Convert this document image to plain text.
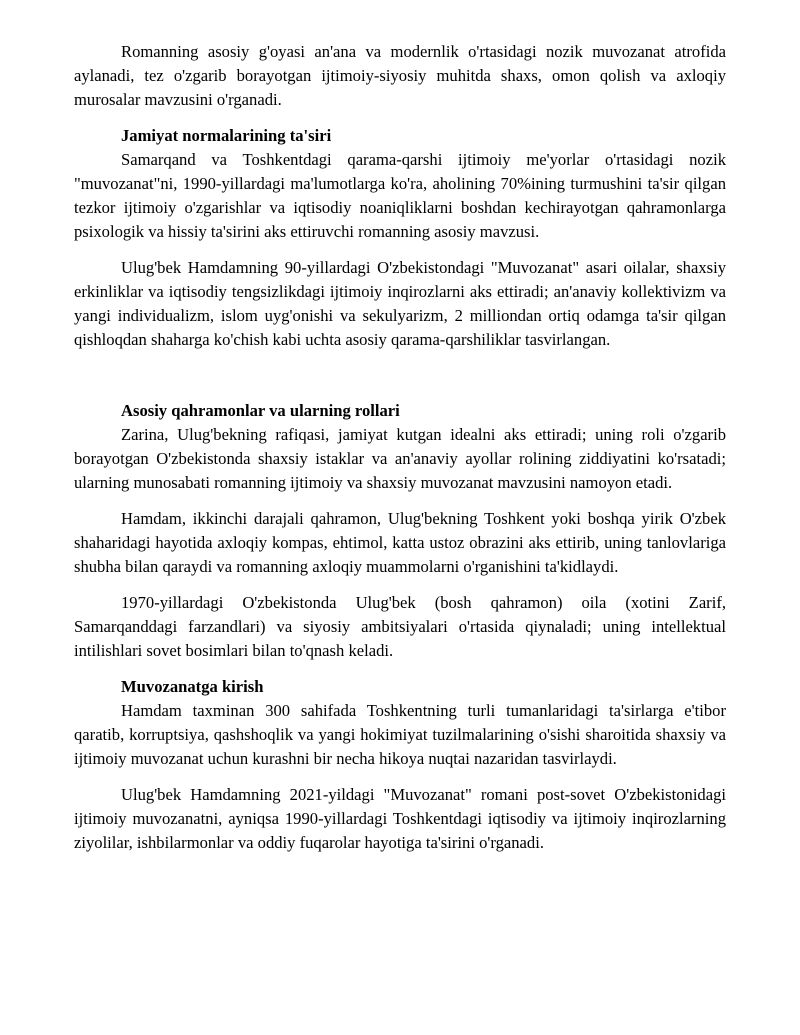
Romanning asosiy g'oyasi an'ana va modernlik o'rtasidagi nozik muvozanat atrofida aylanadi, tez o'zgarib borayotgan ijtimoiy-siyosiy muhitda shaxs, omon qolish va axloqiy murosalar mavzusini o'rganadi.

Jamiyat normalarining ta'siri

Samarqand va Toshkentdagi qarama-qarshi ijtimoiy me'yorlar o'rtasidagi nozik "muvozanat"ni, 1990-yillardagi ma'lumotlarga ko'ra, aholining 70%ining turmushini ta'sir qilgan tezkor ijtimoiy o'zgarishlar va iqtisodiy noaniqliklarni boshdan kechirayotgan qahramonlarga psixologik va hissiy ta'sirini aks ettiruvchi romanning asosiy mavzusi.

Ulug'bek Hamdamning 90-yillardagi O'zbekistondagi "Muvozanat" asari oilalar, shaxsiy erkinliklar va iqtisodiy tengsizlikdagi ijtimoiy inqirozlarni aks ettiradi; an'anaviy kollektivizm va yangi individualizm, islom uyg'onishi va sekulyarizm, 2 milliondan ortiq odamga ta'sir qilgan qishloqdan shaharga ko'chish kabi uchta asosiy qarama-qarshiliklar tasvirlangan.

Asosiy qahramonlar va ularning rollari

Zarina, Ulug'bekning rafiqasi, jamiyat kutgan idealni aks ettiradi; uning roli o'zgarib borayotgan O'zbekistonda shaxsiy istaklar va an'anaviy ayollar rolining ziddiyatini ko'rsatadi; ularning munosabati romanning ijtimoiy va shaxsiy muvozanat mavzusini namoyon etadi.

Hamdam, ikkinchi darajali qahramon, Ulug'bekning Toshkent yoki boshqa yirik O'zbek shaharidagi hayotida axloqiy kompas, ehtimol, katta ustoz obrazini aks ettirib, uning tanlovlariga shubha bilan qaraydi va romanning axloqiy muammolarni o'rganishini ta'kidlaydi.

1970-yillardagi O'zbekistonda Ulug'bek (bosh qahramon) oila (xotini Zarif, Samarqanddagi farzandlari) va siyosiy ambitsiyalari o'rtasida qiynaladi; uning intellektual intilishlari sovet bosimlari bilan to'qnash keladi.

Muvozanatga kirish

Hamdam taxminan 300 sahifada Toshkentning turli tumanlaridagi ta'sirlarga e'tibor qaratib, korruptsiya, qashshoqlik va yangi hokimiyat tuzilmalarining o'sishi sharoitida shaxsiy va ijtimoiy muvozanat uchun kurashni bir necha hikoya nuqtai nazaridan tasvirlaydi.

Ulug'bek Hamdamning 2021-yildagi "Muvozanat" romani post-sovet O'zbekistonidagi ijtimoiy muvozanatni, ayniqsa 1990-yillardagi Toshkentdagi iqtisodiy va ijtimoiy inqirozlarning ziyolilar, ishbilarmonlar va oddiy fuqarolar hayotiga ta'sirini o'rganadi.
